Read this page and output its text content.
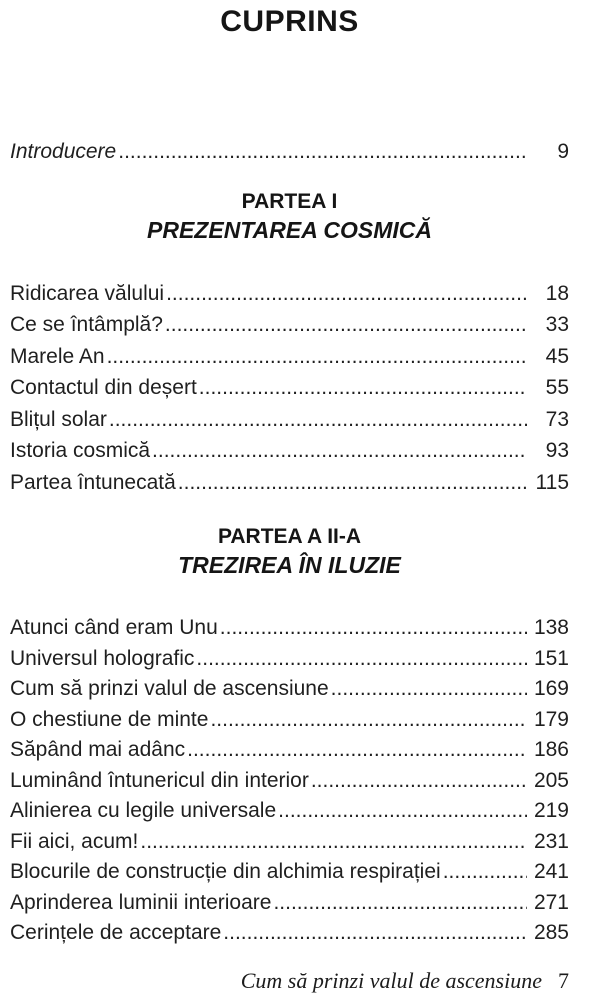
CUPRINS
Introducere .....	9
PARTEA I
PREZENTAREA COSMICĂ
Ridicarea vălului .....	18
Ce se întâmplă? .....	33
Marele An .....	45
Contactul din deșert .....	55
Blițul solar .....	73
Istoria cosmică .....	93
Partea întunecată .....	115
PARTEA A II-A
TREZIREA ÎN ILUZIE
Atunci când eram Unu .....	138
Universul holografic .....	151
Cum să prinzi valul de ascensiune .....	169
O chestiune de minte .....	179
Săpând mai adânc .....	186
Luminând întunericul din interior .....	205
Alinierea cu legile universale .....	219
Fii aici, acum! .....	231
Blocurile de construcție din alchimia respirației .....	241
Aprinderea luminii interioare .....	271
Cerințele de acceptare .....	285
Cum să prinzi valul de ascensiune 7
